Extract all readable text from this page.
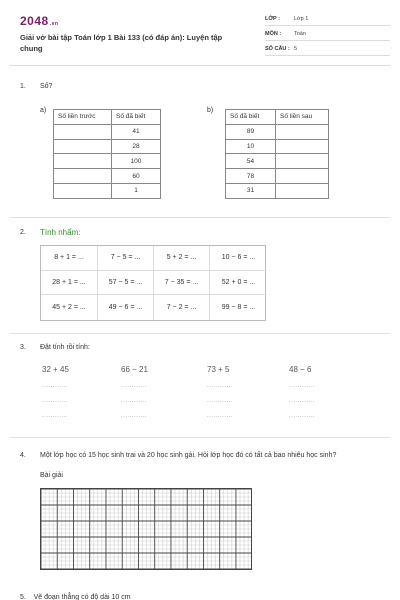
2048.vn
Giải vở bài tập Toán lớp 1 Bài 133 (có đáp án): Luyện tập chung
LỚP :	Lớp 1
MÔN : Toán
SỐ CÂU : 5
1. Số?
a)
Số liền trước	Số đã biết
	41
	28
	100
	60
	1
b)
Số đã biết	Số liền sau
89	
10	
54	
78	
31	
2. Tính nhẩm:
8 + 1 = ...	7 − 5 = ...	5 + 2 = ...	10 − 6 = ...
28 + 1 = ...	57 − 5 = ...	7 − 35 = ...	52 + 0 = ...
45 + 2 = ...	49 − 6 = ...	7 − 2 = ...	99 − 8 = ...
3. Đặt tính rồi tính:
32 + 45	66 − 21	73 + 5	48 − 6
............
............
............
............
............
............
............
............
............
............
............
............
4. Một lớp học có 15 học sinh trai và 20 học sinh gái. Hỏi lớp học đó có tất cả bao nhiêu học sinh?
Bài giải
5. Vẽ đoạn thẳng có độ dài 10 cm
